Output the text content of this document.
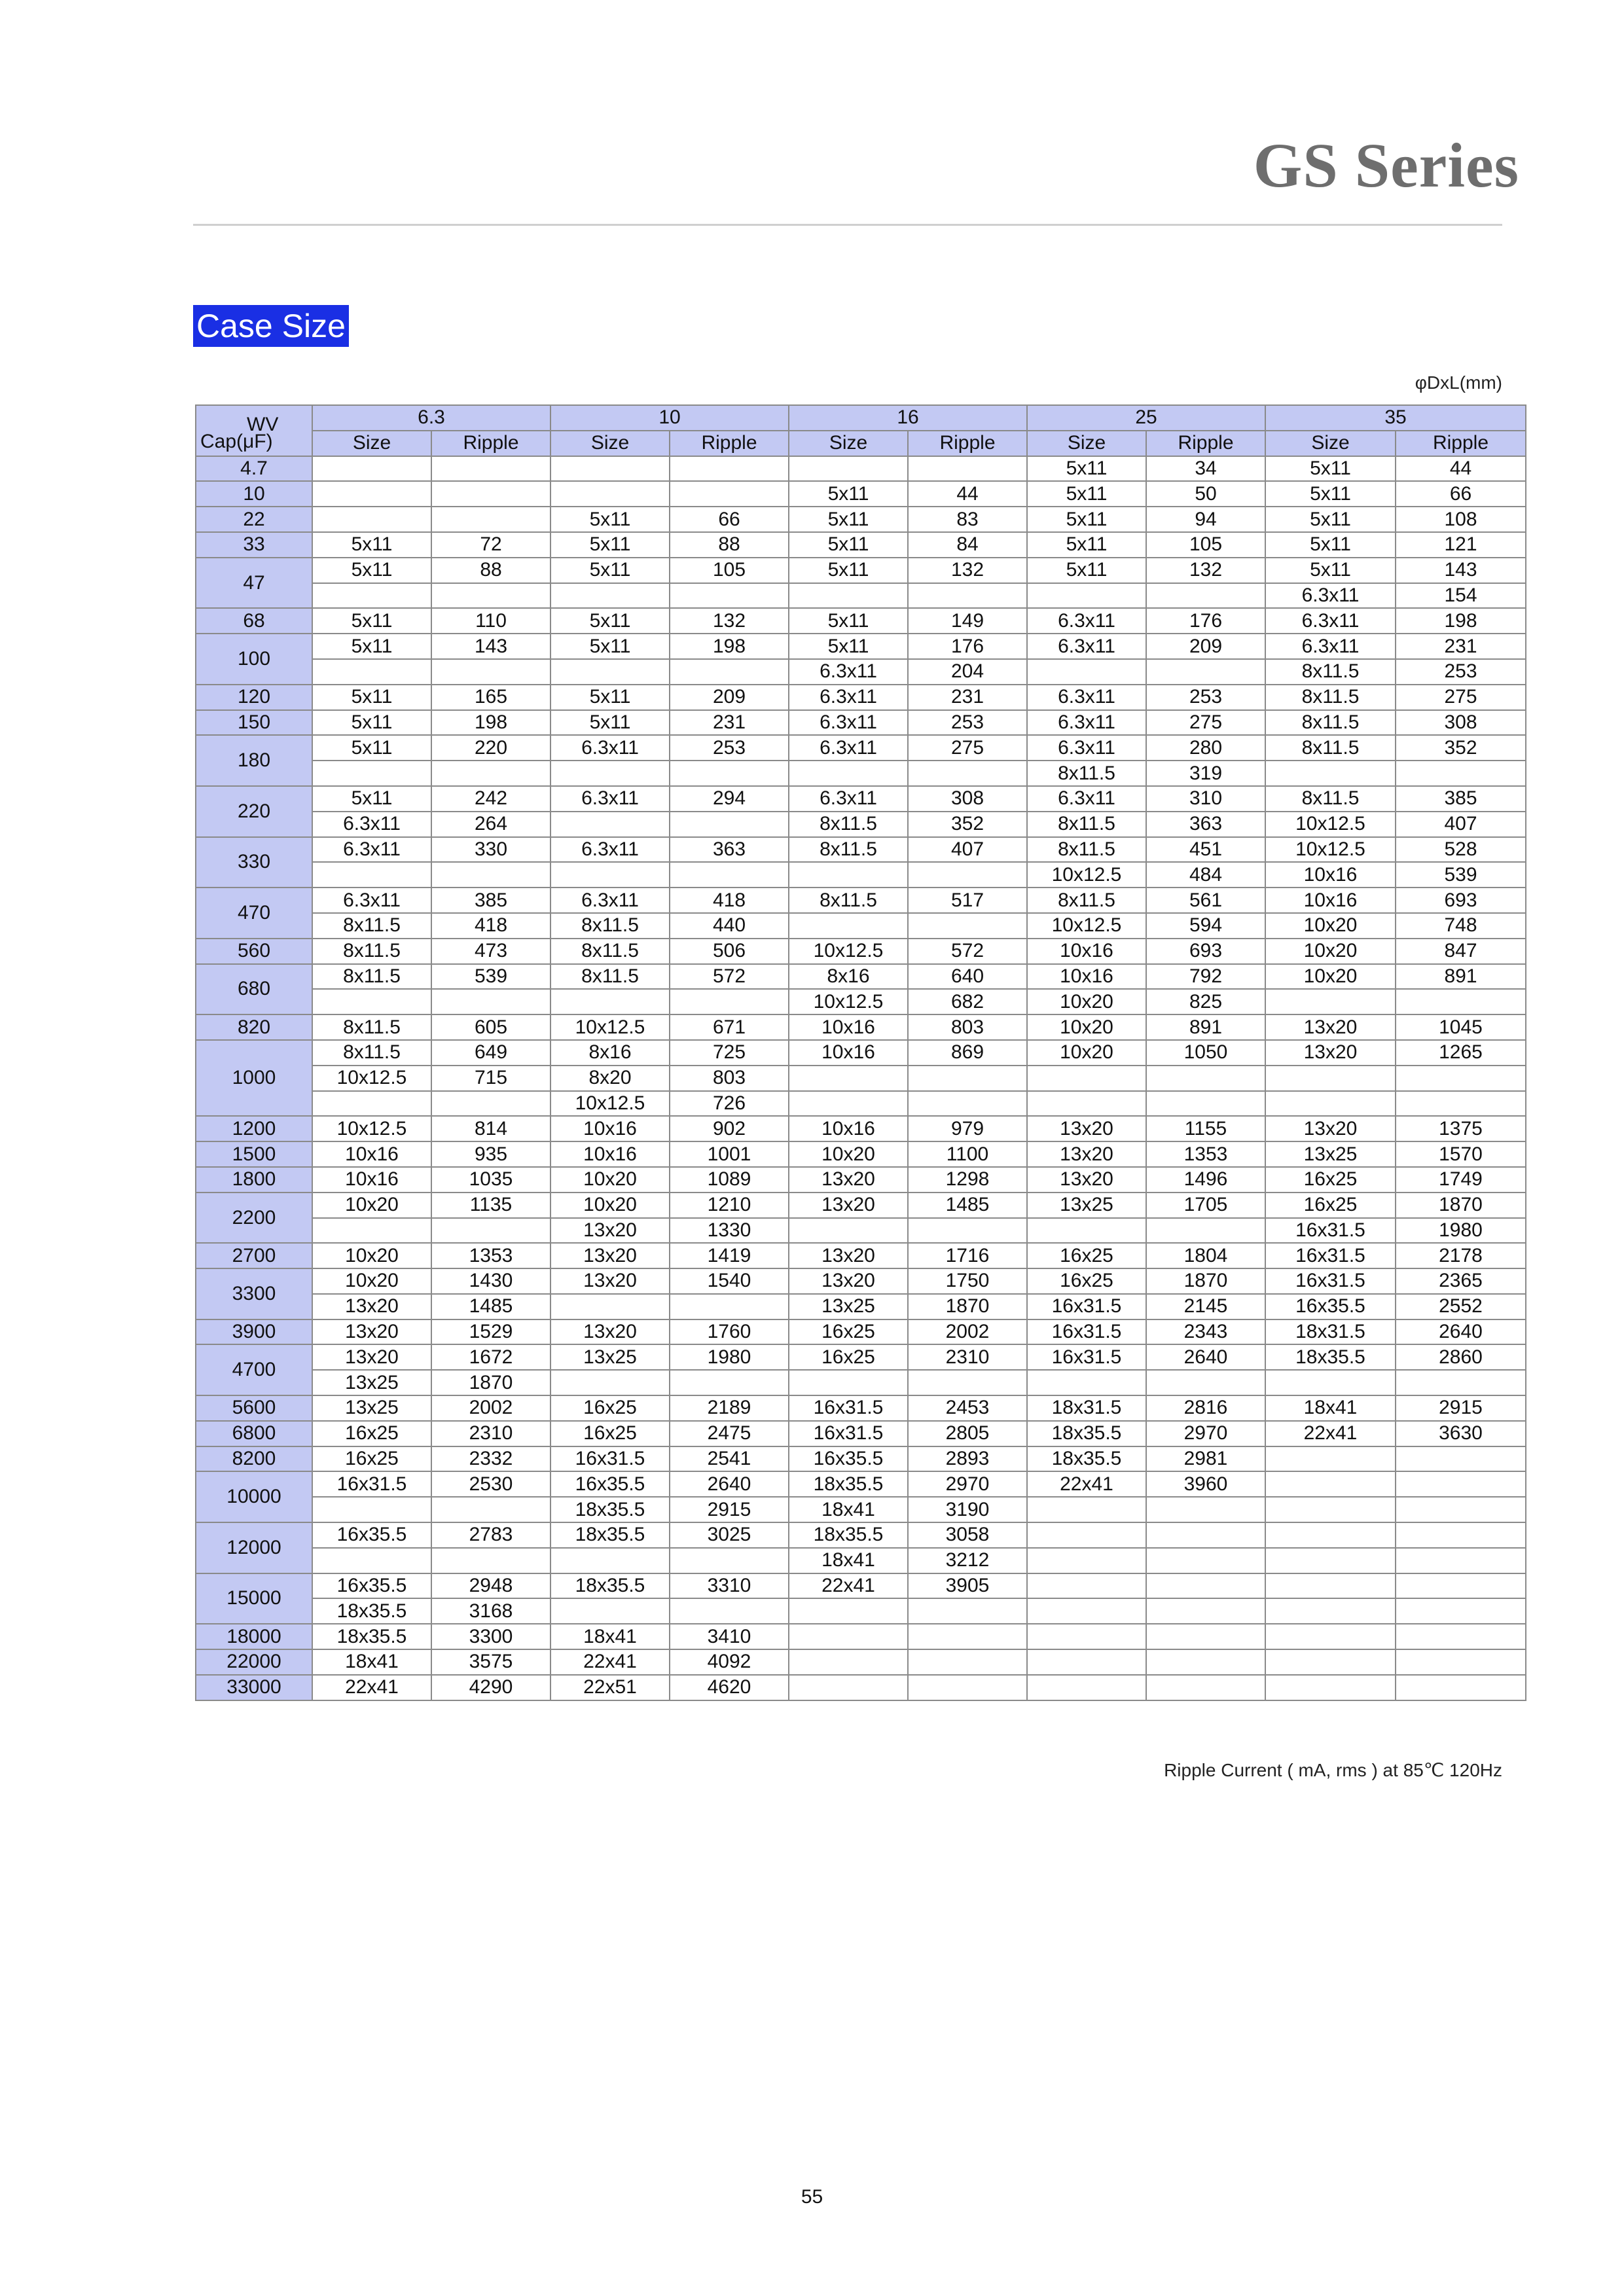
GS Series
Case Size
φDxL(mm)
WV
Cap(μF)	6.3		10		16		25		35	
	Size	Ripple	Size	Ripple	Size	Ripple	Size	Ripple	Size	Ripple
4.7							5x11	34	5x11	44
10					5x11	44	5x11	50	5x11	66
22			5x11	66	5x11	83	5x11	94	5x11	108
33	5x11	72	5x11	88	5x11	84	5x11	105	5x11	121
47	5x11	88	5x11	105	5x11	132	5x11	132	5x11	143
									6.3x11	154
68	5x11	110	5x11	132	5x11	149	6.3x11	176	6.3x11	198
100	5x11	143	5x11	198	5x11	176	6.3x11	209	6.3x11	231
					6.3x11	204			8x11.5	253
120	5x11	165	5x11	209	6.3x11	231	6.3x11	253	8x11.5	275
150	5x11	198	5x11	231	6.3x11	253	6.3x11	275	8x11.5	308
180	5x11	220	6.3x11	253	6.3x11	275	6.3x11	280	8x11.5	352
							8x11.5	319		
220	5x11	242	6.3x11	294	6.3x11	308	6.3x11	310	8x11.5	385
	6.3x11	264			8x11.5	352	8x11.5	363	10x12.5	407
330	6.3x11	330	6.3x11	363	8x11.5	407	8x11.5	451	10x12.5	528
							10x12.5	484	10x16	539
470	6.3x11	385	6.3x11	418	8x11.5	517	8x11.5	561	10x16	693
	8x11.5	418	8x11.5	440			10x12.5	594	10x20	748
560	8x11.5	473	8x11.5	506	10x12.5	572	10x16	693	10x20	847
680	8x11.5	539	8x11.5	572	8x16	640	10x16	792	10x20	891
					10x12.5	682	10x20	825		
820	8x11.5	605	10x12.5	671	10x16	803	10x20	891	13x20	1045
1000	8x11.5	649	8x16	725	10x16	869	10x20	1050	13x20	1265
	10x12.5	715	8x20	803						
			10x12.5	726						
1200	10x12.5	814	10x16	902	10x16	979	13x20	1155	13x20	1375
1500	10x16	935	10x16	1001	10x20	1100	13x20	1353	13x25	1570
1800	10x16	1035	10x20	1089	13x20	1298	13x20	1496	16x25	1749
2200	10x20	1135	10x20	1210	13x20	1485	13x25	1705	16x25	1870
			13x20	1330					16x31.5	1980
2700	10x20	1353	13x20	1419	13x20	1716	16x25	1804	16x31.5	2178
3300	10x20	1430	13x20	1540	13x20	1750	16x25	1870	16x31.5	2365
	13x20	1485			13x25	1870	16x31.5	2145	16x35.5	2552
3900	13x20	1529	13x20	1760	16x25	2002	16x31.5	2343	18x31.5	2640
4700	13x20	1672	13x25	1980	16x25	2310	16x31.5	2640	18x35.5	2860
	13x25	1870								
5600	13x25	2002	16x25	2189	16x31.5	2453	18x31.5	2816	18x41	2915
6800	16x25	2310	16x25	2475	16x31.5	2805	18x35.5	2970	22x41	3630
8200	16x25	2332	16x31.5	2541	16x35.5	2893	18x35.5	2981		
10000	16x31.5	2530	16x35.5	2640	18x35.5	2970	22x41	3960		
			18x35.5	2915	18x41	3190				
12000	16x35.5	2783	18x35.5	3025	18x35.5	3058				
					18x41	3212				
15000	16x35.5	2948	18x35.5	3310	22x41	3905				
	18x35.5	3168								
18000	18x35.5	3300	18x41	3410						
22000	18x41	3575	22x41	4092						
33000	22x41	4290	22x51	4620						
Ripple Current ( mA, rms ) at 85℃ 120Hz
55
